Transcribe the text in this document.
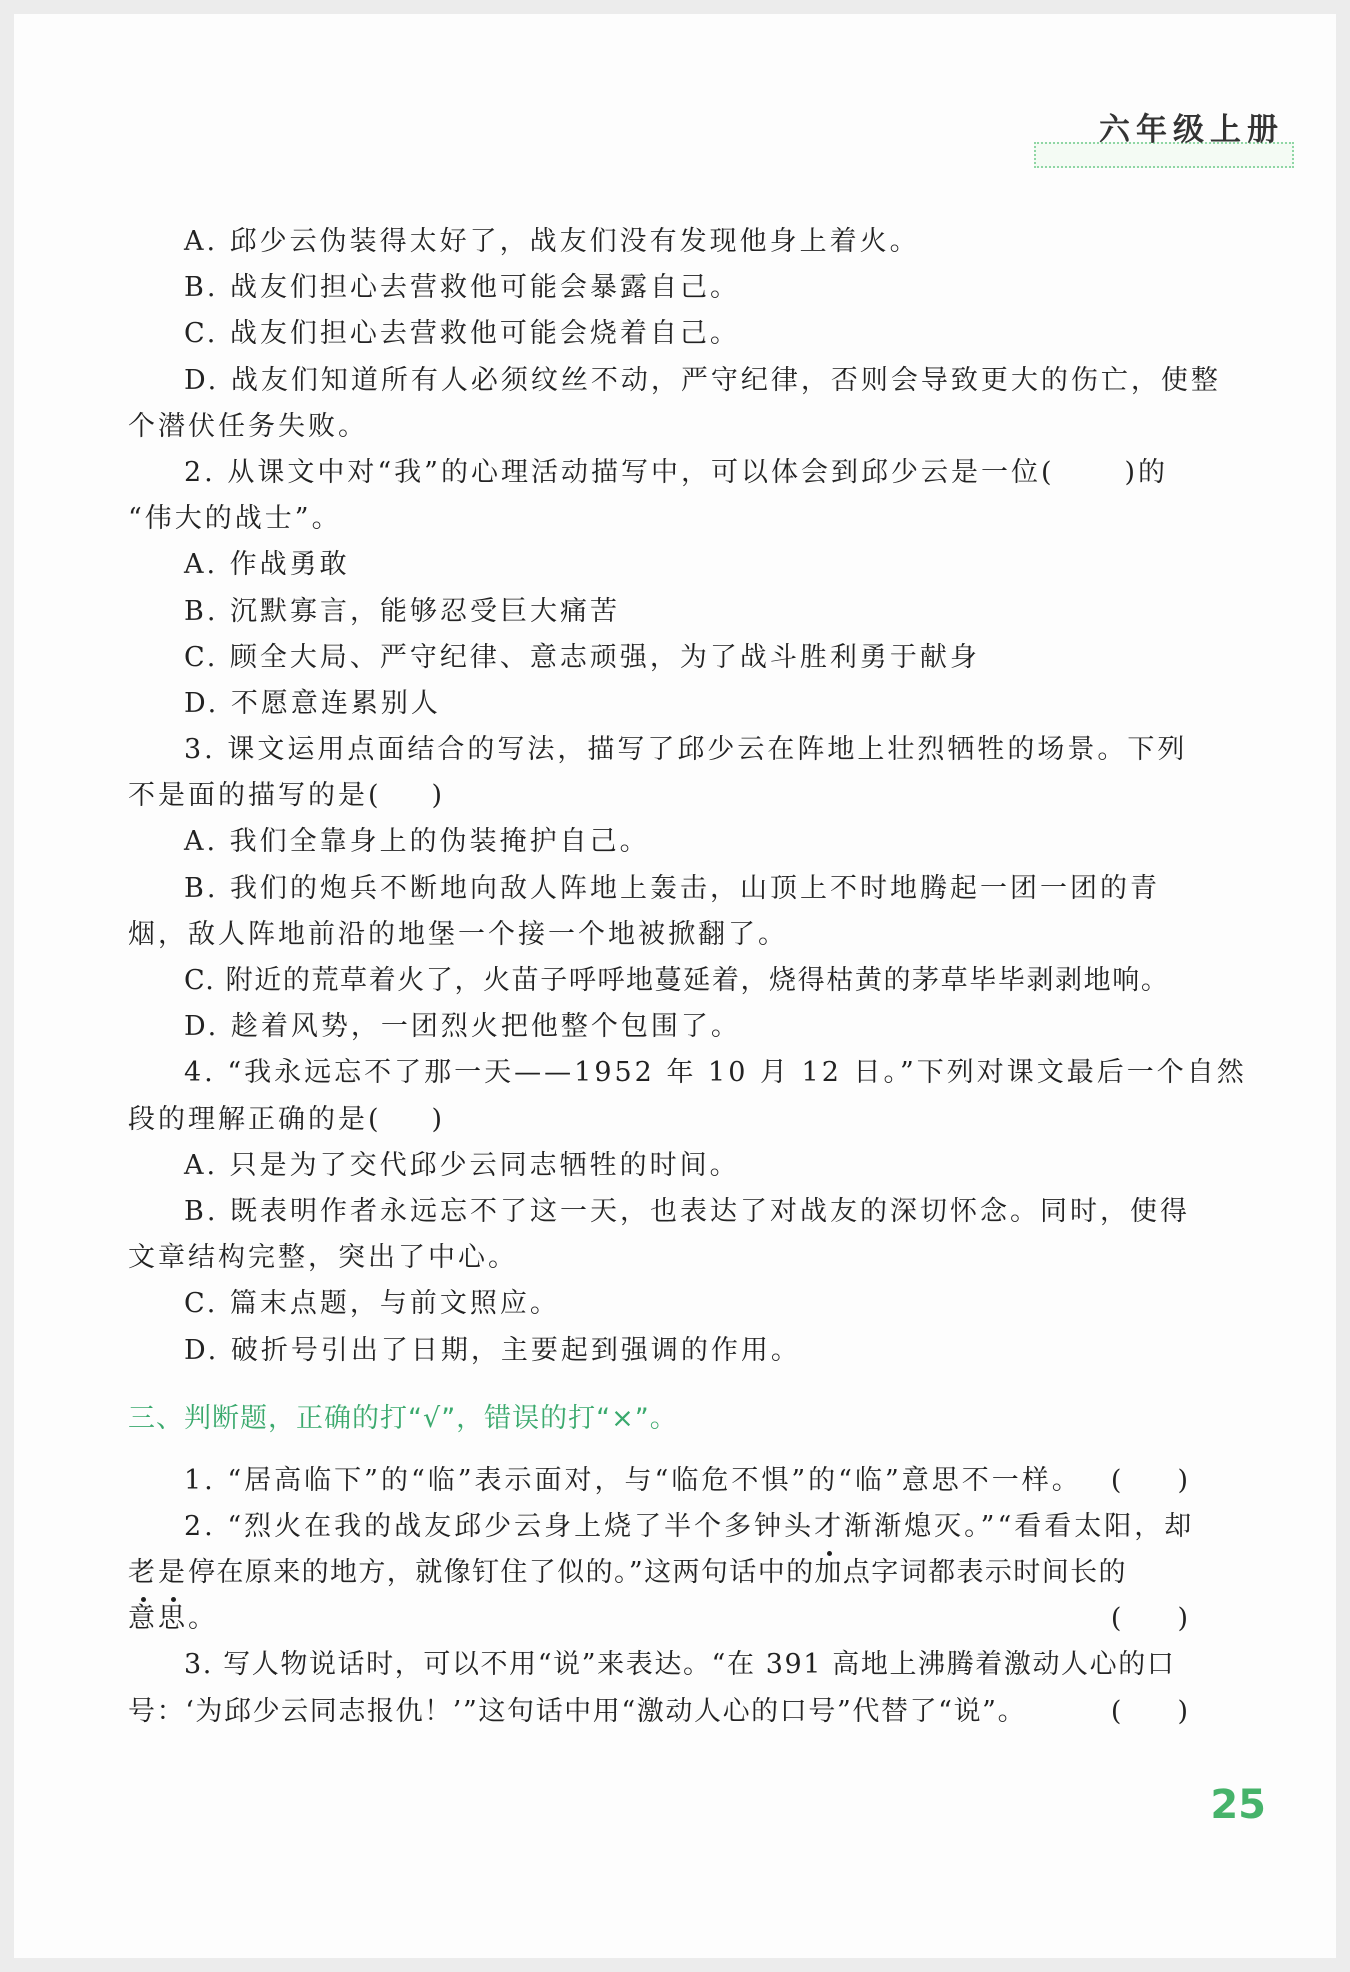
六年级上册
A. 邱少云伪装得太好了，战友们没有发现他身上着火。
B. 战友们担心去营救他可能会暴露自己。
C. 战友们担心去营救他可能会烧着自己。
D. 战友们知道所有人必须纹丝不动，严守纪律，否则会导致更大的伤亡，使整
个潜伏任务失败。
2. 从课文中对“我”的心理活动描写中，可以体会到邱少云是一位(	)的
“伟大的战士”。
A. 作战勇敢
B. 沉默寡言，能够忍受巨大痛苦
C. 顾全大局、严守纪律、意志顽强，为了战斗胜利勇于献身
D. 不愿意连累别人
3. 课文运用点面结合的写法，描写了邱少云在阵地上壮烈牺牲的场景。下列
不是面的描写的是( )
A. 我们全靠身上的伪装掩护自己。
B. 我们的炮兵不断地向敌人阵地上轰击，山顶上不时地腾起一团一团的青
烟，敌人阵地前沿的地堡一个接一个地被掀翻了。
C. 附近的荒草着火了，火苗子呼呼地蔓延着，烧得枯黄的茅草毕毕剥剥地响。
D. 趁着风势，一团烈火把他整个包围了。
4. “我永远忘不了那一天——1952 年 10 月 12 日。”下列对课文最后一个自然
段的理解正确的是( )
A. 只是为了交代邱少云同志牺牲的时间。
B. 既表明作者永远忘不了这一天，也表达了对战友的深切怀念。同时，使得
文章结构完整，突出了中心。
C. 篇末点题，与前文照应。
D. 破折号引出了日期，主要起到强调的作用。
三、判断题，正确的打“√”，错误的打“×”。
1. “居高临下”的“临”表示面对，与“临危不惧”的“临”意思不一样。 ( )
2. “烈火在我的战友邱少云身上烧了半个多钟头才渐渐熄灭。”“看看太阳，却
老是停在原来的地方，就像钉住了似的。”这两句话中的加点字词都表示时间长的
意思。	( )
3. 写人物说话时，可以不用“说”来表达。“在 391 高地上沸腾着激动人心的口
号：‘为邱少云同志报仇！’”这句话中用“激动人心的口号”代替了“说”。	( )
25
